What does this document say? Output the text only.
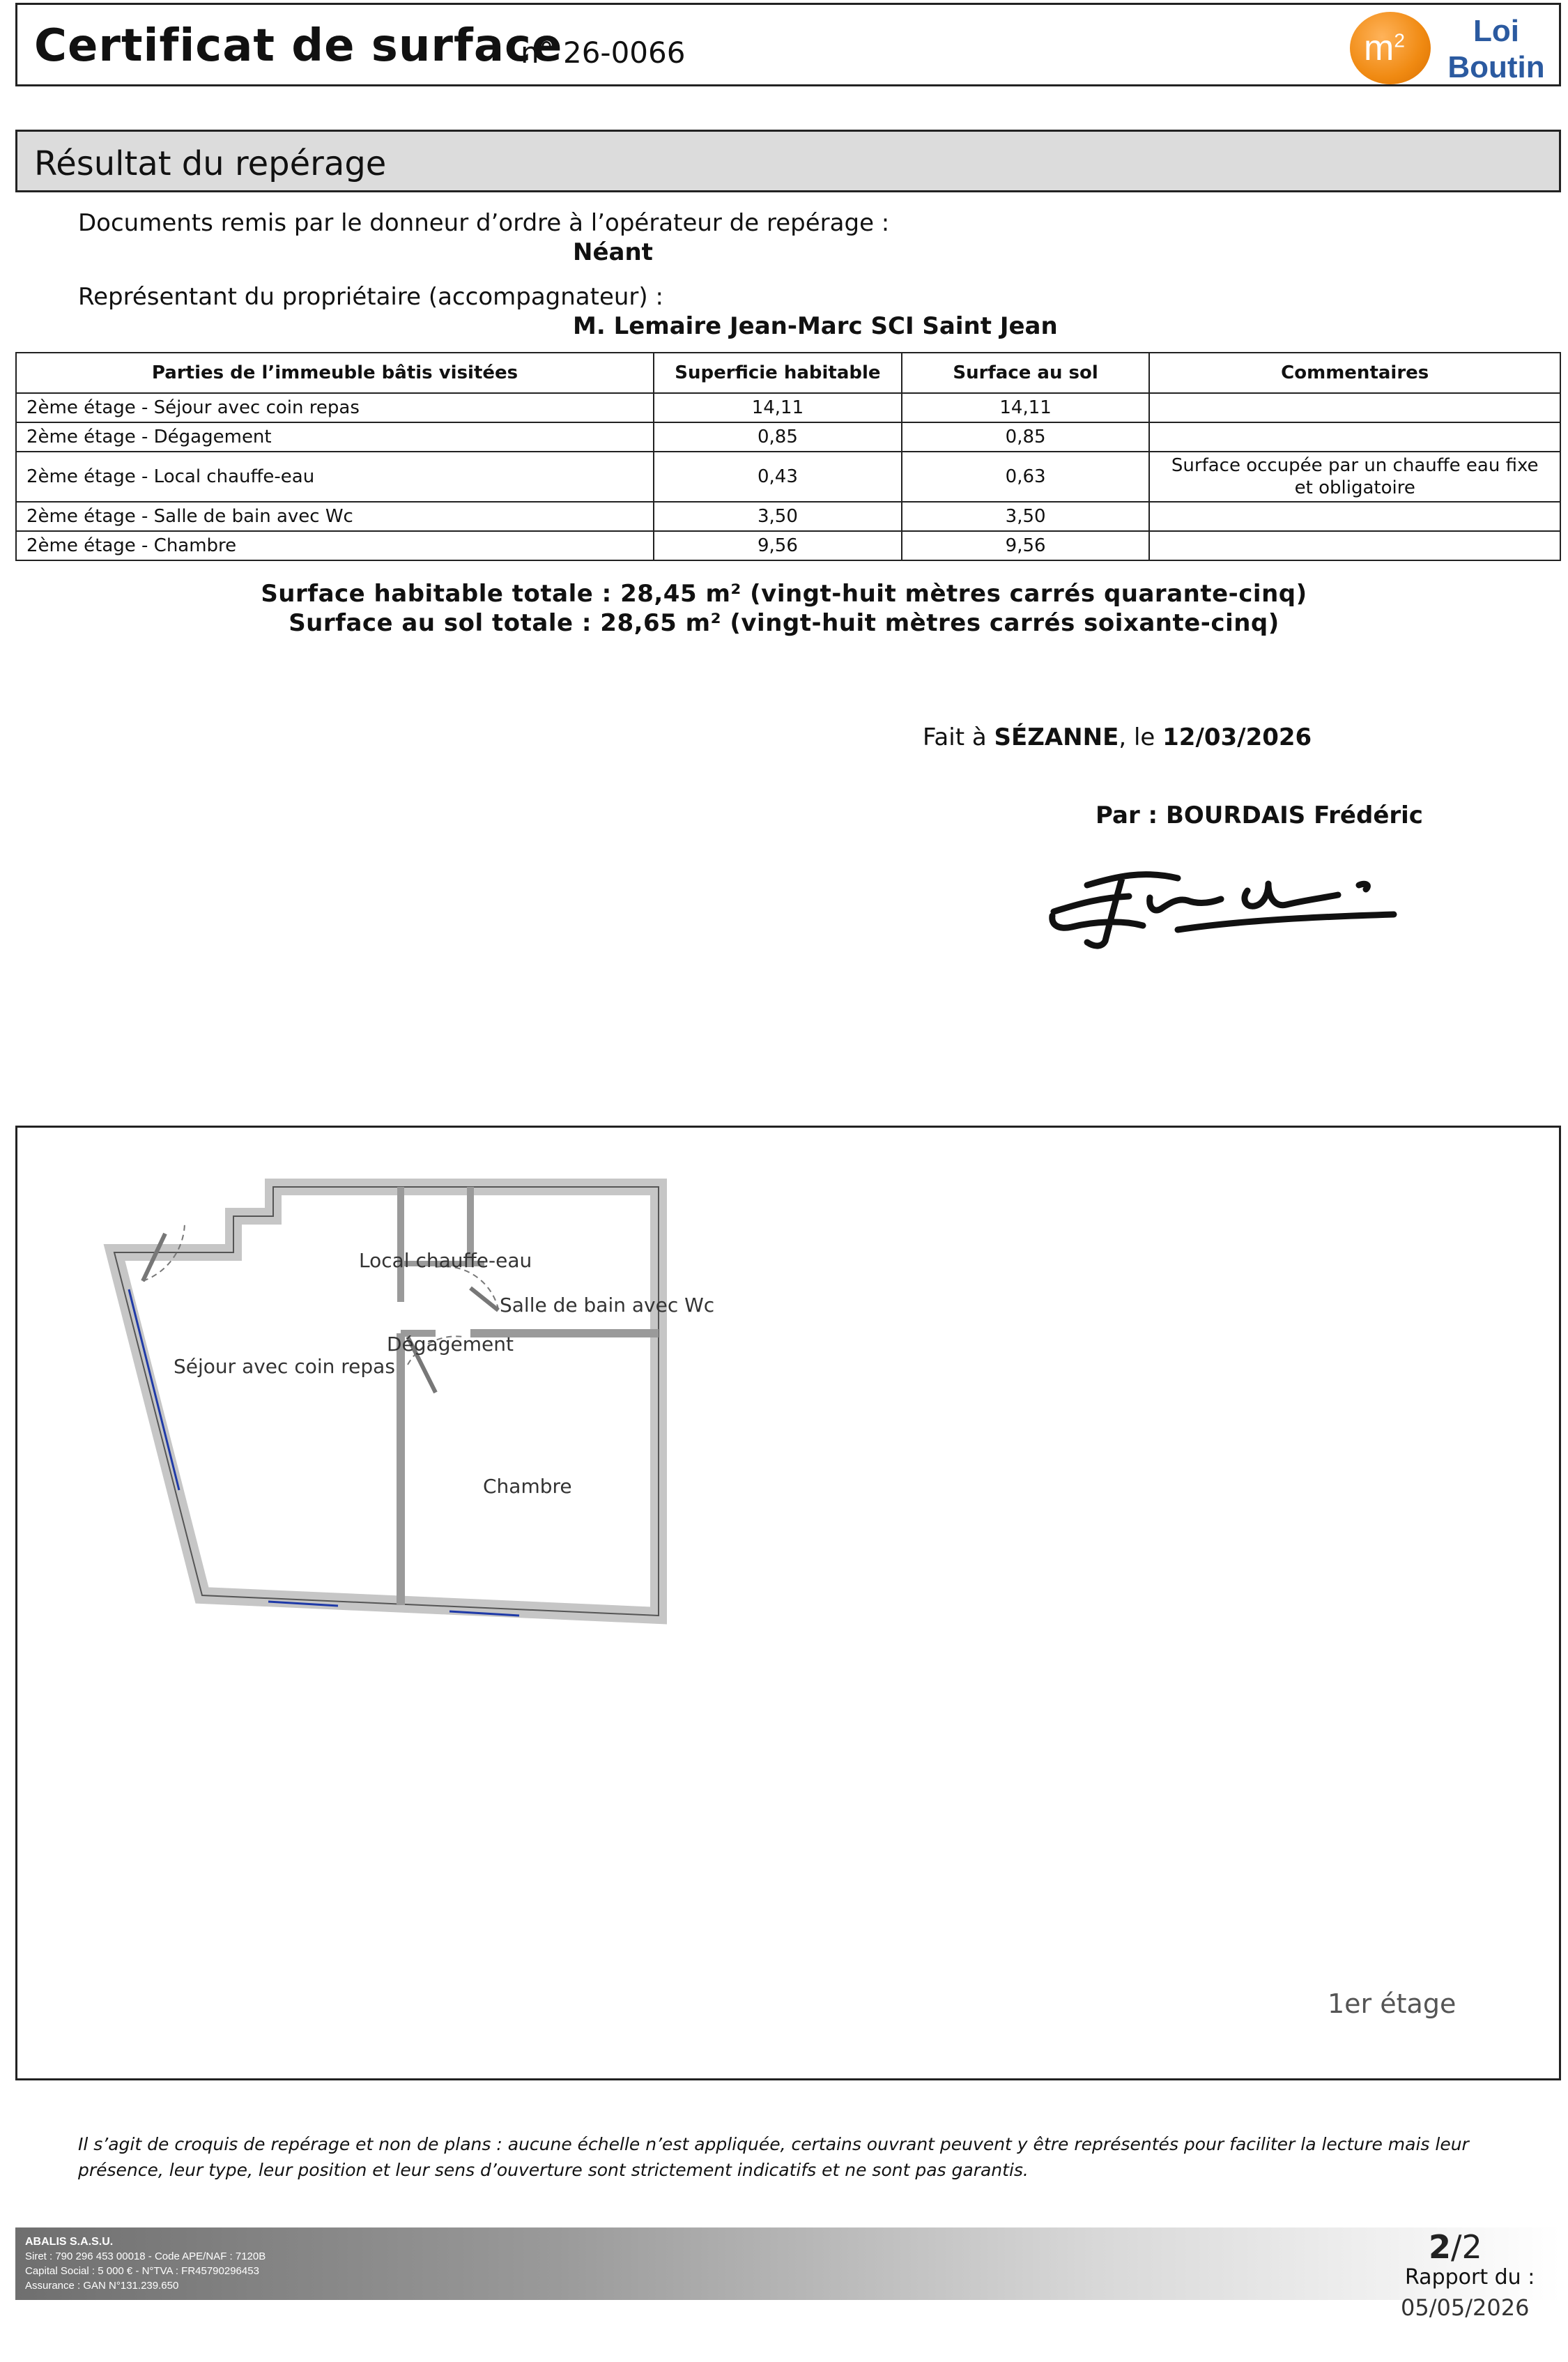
Certificat de surface
n° 26-0066	$m^2$	Loi
Boutin
Résultat du repérage
Documents remis par le donneur d’ordre à l’opérateur de repérage :
Néant
Représentant du propriétaire (accompagnateur) :
M. Lemaire Jean-Marc SCI Saint Jean
Parties de l’immeuble bâtis visitées	Superficie habitable	Surface au sol	Commentaires
2ème étage - Séjour avec coin repas	14,11	14,11	
2ème étage - Dégagement	0,85	0,85	
2ème étage - Local chauffe-eau	0,43	0,63	Surface occupée par un chauffe eau fixe et obligatoire
2ème étage - Salle de bain avec Wc	3,50	3,50	
2ème étage - Chambre	9,56	9,56	
Surface habitable totale : 28,45 m² (vingt-huit mètres carrés quarante-cinq)
Surface au sol totale : 28,65 m² (vingt-huit mètres carrés soixante-cinq)
Fait à SÉZANNE, le 12/03/2026
Par : BOURDAIS Frédéric
Local chauffe-eau
Salle de bain avec Wc
Dégagement
Séjour avec coin repas
Chambre
1er étage
Il s’agit de croquis de repérage et non de plans : aucune échelle n’est appliquée, certains ouvrant peuvent y être représentés pour faciliter la lecture mais leur présence, leur type, leur position et leur sens d’ouverture sont strictement indicatifs et ne sont pas garantis.
ABALIS S.A.S.U.
Siret : 790 296 453 00018 - Code APE/NAF : 7120B
Capital Social : 5 000 € - N°TVA : FR45790296453
Assurance : GAN N°131.239.650
2/2
Rapport du :
05/05/2026
